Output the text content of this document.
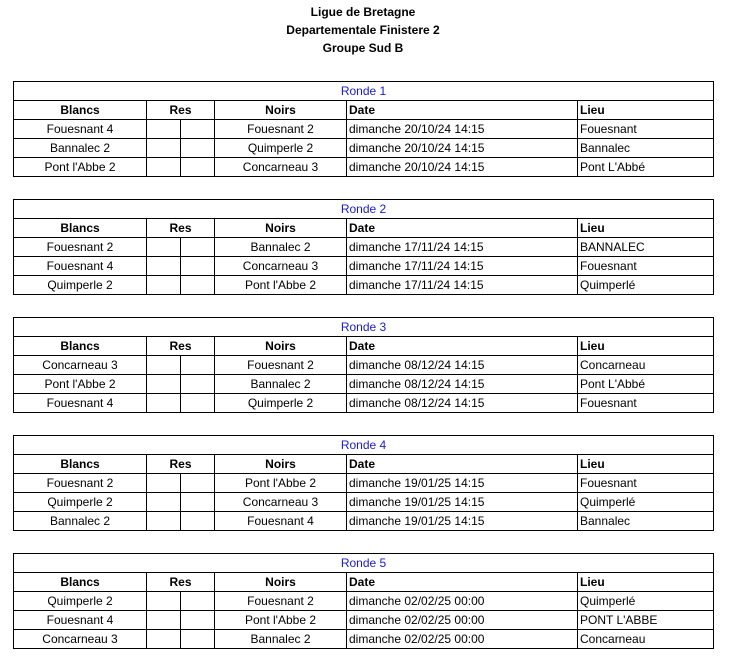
Ligue de Bretagne
Departementale Finistere 2
Groupe Sud B
Ronde 1					
Blancs	Res		Noirs	Date	Lieu
Fouesnant 4			Fouesnant 2	dimanche 20/10/24 14:15	Fouesnant
Bannalec 2			Quimperle 2	dimanche 20/10/24 14:15	Bannalec
Pont l'Abbe 2			Concarneau 3	dimanche 20/10/24 14:15	Pont L'Abbé
Ronde 2					
Blancs	Res		Noirs	Date	Lieu
Fouesnant 2			Bannalec 2	dimanche 17/11/24 14:15	BANNALEC
Fouesnant 4			Concarneau 3	dimanche 17/11/24 14:15	Fouesnant
Quimperle 2			Pont l'Abbe 2	dimanche 17/11/24 14:15	Quimperlé
Ronde 3					
Blancs	Res		Noirs	Date	Lieu
Concarneau 3			Fouesnant 2	dimanche 08/12/24 14:15	Concarneau
Pont l'Abbe 2			Bannalec 2	dimanche 08/12/24 14:15	Pont L'Abbé
Fouesnant 4			Quimperle 2	dimanche 08/12/24 14:15	Fouesnant
Ronde 4					
Blancs	Res		Noirs	Date	Lieu
Fouesnant 2			Pont l'Abbe 2	dimanche 19/01/25 14:15	Fouesnant
Quimperle 2			Concarneau 3	dimanche 19/01/25 14:15	Quimperlé
Bannalec 2			Fouesnant 4	dimanche 19/01/25 14:15	Bannalec
Ronde 5					
Blancs	Res		Noirs	Date	Lieu
Quimperle 2			Fouesnant 2	dimanche 02/02/25 00:00	Quimperlé
Fouesnant 4			Pont l'Abbe 2	dimanche 02/02/25 00:00	PONT L'ABBE
Concarneau 3			Bannalec 2	dimanche 02/02/25 00:00	Concarneau
